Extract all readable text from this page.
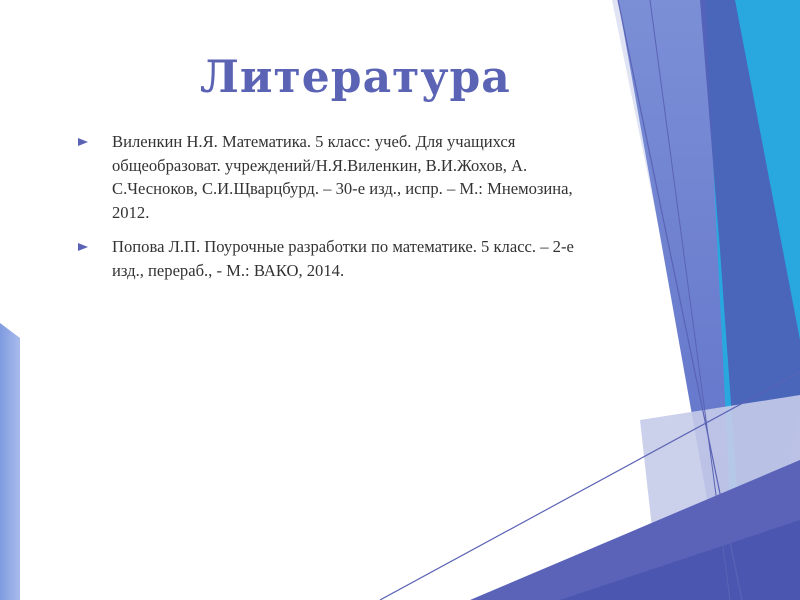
Литература
Виленкин Н.Я. Математика. 5 класс: учеб. Для учащихся общеобразоват. учреждений/Н.Я.Виленкин, В.И.Жохов, А. С.Чесноков, С.И.Щварцбурд. – 30-е изд., испр. – М.: Мнемозина, 2012.
Попова Л.П. Поурочные разработки по математике. 5 класс. – 2-е изд., перераб., - М.: ВАКО, 2014.
